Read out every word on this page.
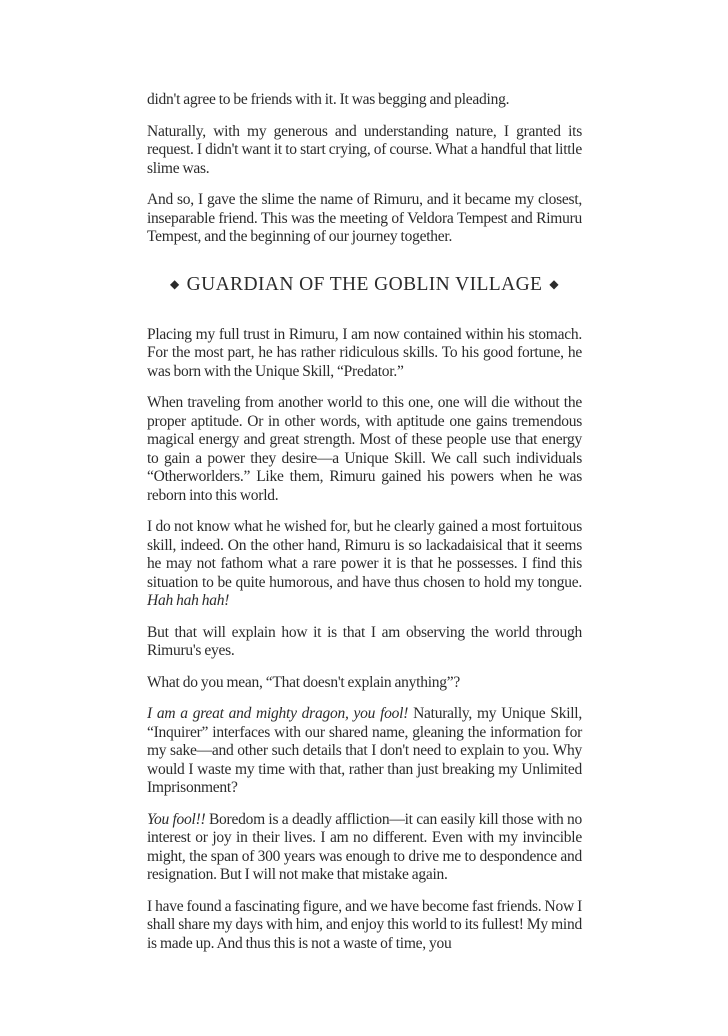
didn't agree to be friends with it. It was begging and pleading.

Naturally, with my generous and understanding nature, I granted its request. I didn't want it to start crying, of course. What a handful that little slime was.

And so, I gave the slime the name of Rimuru, and it became my closest, inseparable friend. This was the meeting of Veldora Tempest and Rimuru Tempest, and the beginning of our journey together.

◆ GUARDIAN OF THE GOBLIN VILLAGE ◆

Placing my full trust in Rimuru, I am now contained within his stomach. For the most part, he has rather ridiculous skills. To his good fortune, he was born with the Unique Skill, “Predator.”

When traveling from another world to this one, one will die without the proper aptitude. Or in other words, with aptitude one gains tremendous magical energy and great strength. Most of these people use that energy to gain a power they desire—a Unique Skill. We call such individuals “Otherworlders.” Like them, Rimuru gained his powers when he was reborn into this world.

I do not know what he wished for, but he clearly gained a most fortuitous skill, indeed. On the other hand, Rimuru is so lackadaisical that it seems he may not fathom what a rare power it is that he possesses. I find this situation to be quite humorous, and have thus chosen to hold my tongue. Hah hah hah!

But that will explain how it is that I am observing the world through Rimuru's eyes.

What do you mean, “That doesn't explain anything”?

I am a great and mighty dragon, you fool! Naturally, my Unique Skill, “Inquirer” interfaces with our shared name, gleaning the information for my sake—and other such details that I don't need to explain to you. Why would I waste my time with that, rather than just breaking my Unlimited Imprisonment?

You fool!! Boredom is a deadly affliction—it can easily kill those with no interest or joy in their lives. I am no different. Even with my invincible might, the span of 300 years was enough to drive me to despondence and resignation. But I will not make that mistake again.

I have found a fascinating figure, and we have become fast friends. Now I shall share my days with him, and enjoy this world to its fullest! My mind is made up. And thus this is not a waste of time, you
